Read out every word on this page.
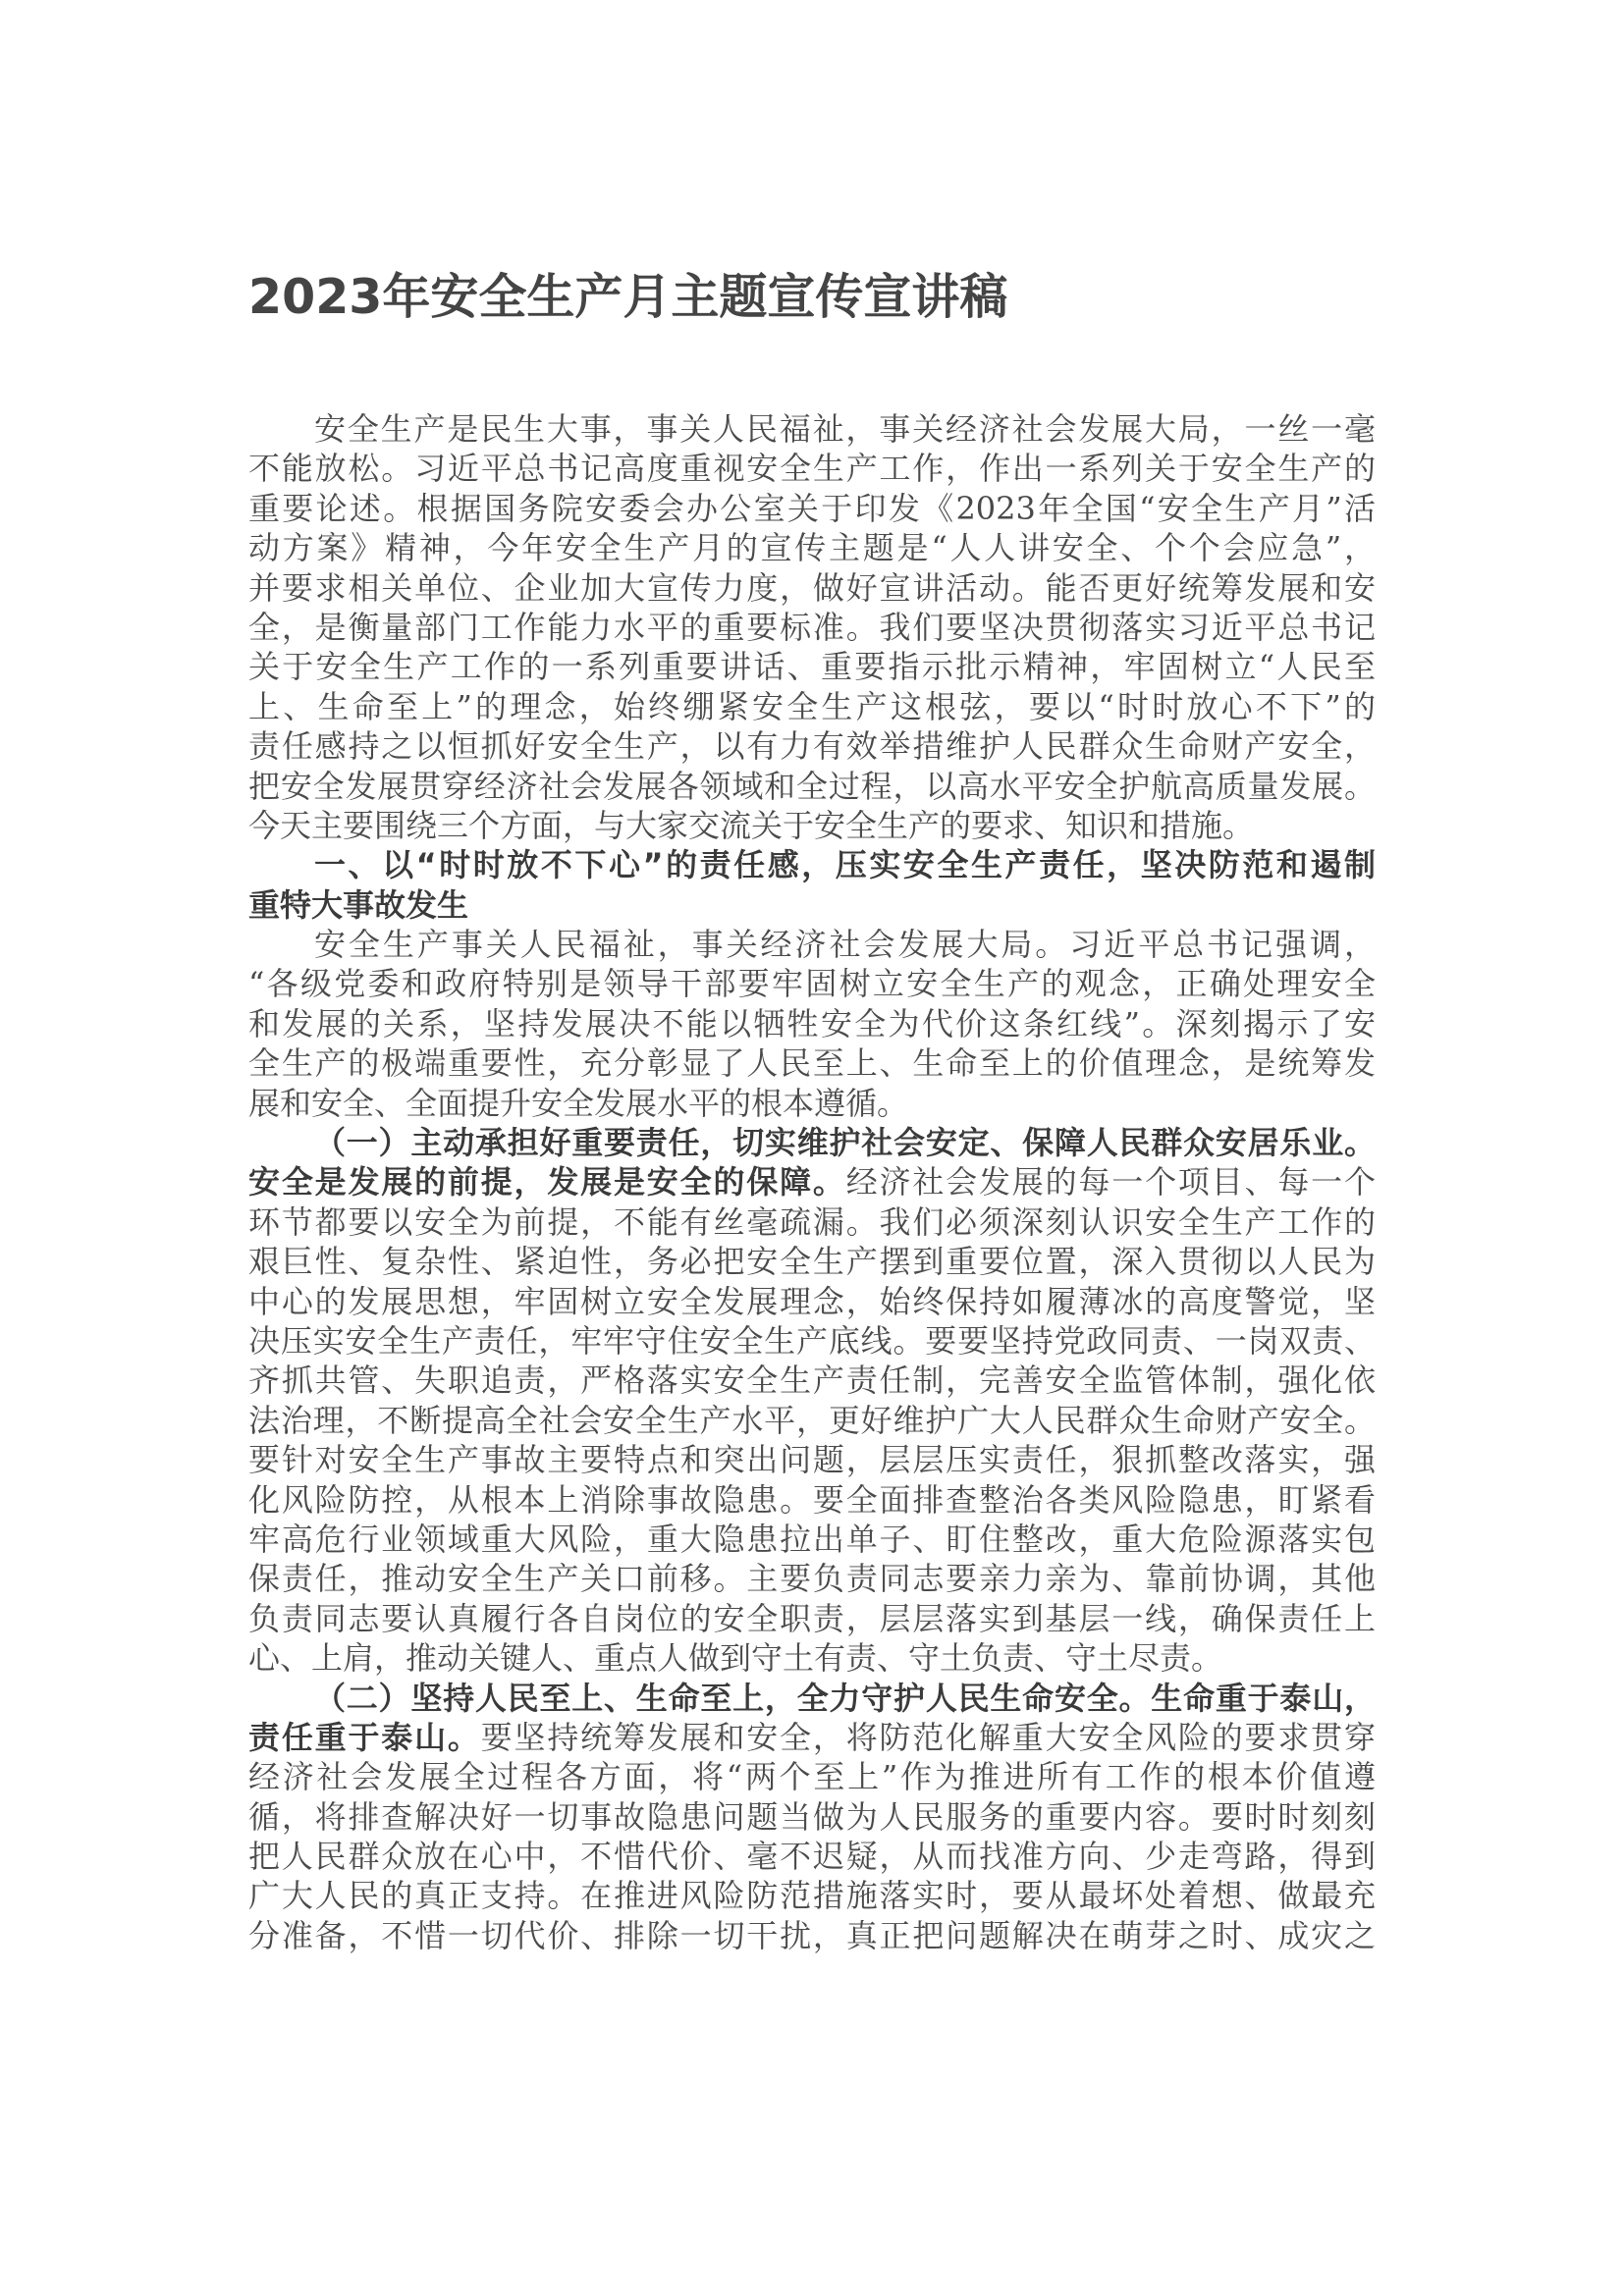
2023年安全生产月主题宣传宣讲稿
安全生产是民生大事，事关人民福祉，事关经济社会发展大局，一丝一毫
不能放松。习近平总书记高度重视安全生产工作，作出一系列关于安全生产的
重要论述。根据国务院安委会办公室关于印发《2023年全国“安全生产月”活
动方案》精神，今年安全生产月的宣传主题是“人人讲安全、个个会应急”，
并要求相关单位、企业加大宣传力度，做好宣讲活动。能否更好统筹发展和安
全，是衡量部门工作能力水平的重要标准。我们要坚决贯彻落实习近平总书记
关于安全生产工作的一系列重要讲话、重要指示批示精神，牢固树立“人民至
上、生命至上”的理念，始终绷紧安全生产这根弦，要以“时时放心不下”的
责任感持之以恒抓好安全生产，以有力有效举措维护人民群众生命财产安全，
把安全发展贯穿经济社会发展各领域和全过程，以高水平安全护航高质量发展。
今天主要围绕三个方面，与大家交流关于安全生产的要求、知识和措施。
一、以“时时放不下心”的责任感，压实安全生产责任，坚决防范和遏制
重特大事故发生
安全生产事关人民福祉，事关经济社会发展大局。习近平总书记强调，
“各级党委和政府特别是领导干部要牢固树立安全生产的观念，正确处理安全
和发展的关系，坚持发展决不能以牺牲安全为代价这条红线”。深刻揭示了安
全生产的极端重要性，充分彰显了人民至上、生命至上的价值理念，是统筹发
展和安全、全面提升安全发展水平的根本遵循。
（一）主动承担好重要责任，切实维护社会安定、保障人民群众安居乐业。
安全是发展的前提，发展是安全的保障。经济社会发展的每一个项目、每一个
环节都要以安全为前提，不能有丝毫疏漏。我们必须深刻认识安全生产工作的
艰巨性、复杂性、紧迫性，务必把安全生产摆到重要位置，深入贯彻以人民为
中心的发展思想，牢固树立安全发展理念，始终保持如履薄冰的高度警觉，坚
决压实安全生产责任，牢牢守住安全生产底线。要要坚持党政同责、一岗双责、
齐抓共管、失职追责，严格落实安全生产责任制，完善安全监管体制，强化依
法治理，不断提高全社会安全生产水平，更好维护广大人民群众生命财产安全。
要针对安全生产事故主要特点和突出问题，层层压实责任，狠抓整改落实，强
化风险防控，从根本上消除事故隐患。要全面排查整治各类风险隐患，盯紧看
牢高危行业领域重大风险，重大隐患拉出单子、盯住整改，重大危险源落实包
保责任，推动安全生产关口前移。主要负责同志要亲力亲为、靠前协调，其他
负责同志要认真履行各自岗位的安全职责，层层落实到基层一线，确保责任上
心、上肩，推动关键人、重点人做到守土有责、守土负责、守土尽责。
（二）坚持人民至上、生命至上，全力守护人民生命安全。生命重于泰山，
责任重于泰山。要坚持统筹发展和安全，将防范化解重大安全风险的要求贯穿
经济社会发展全过程各方面，将“两个至上”作为推进所有工作的根本价值遵
循，将排查解决好一切事故隐患问题当做为人民服务的重要内容。要时时刻刻
把人民群众放在心中，不惜代价、毫不迟疑，从而找准方向、少走弯路，得到
广大人民的真正支持。在推进风险防范措施落实时，要从最坏处着想、做最充
分准备，不惜一切代价、排除一切干扰，真正把问题解决在萌芽之时、成灾之
